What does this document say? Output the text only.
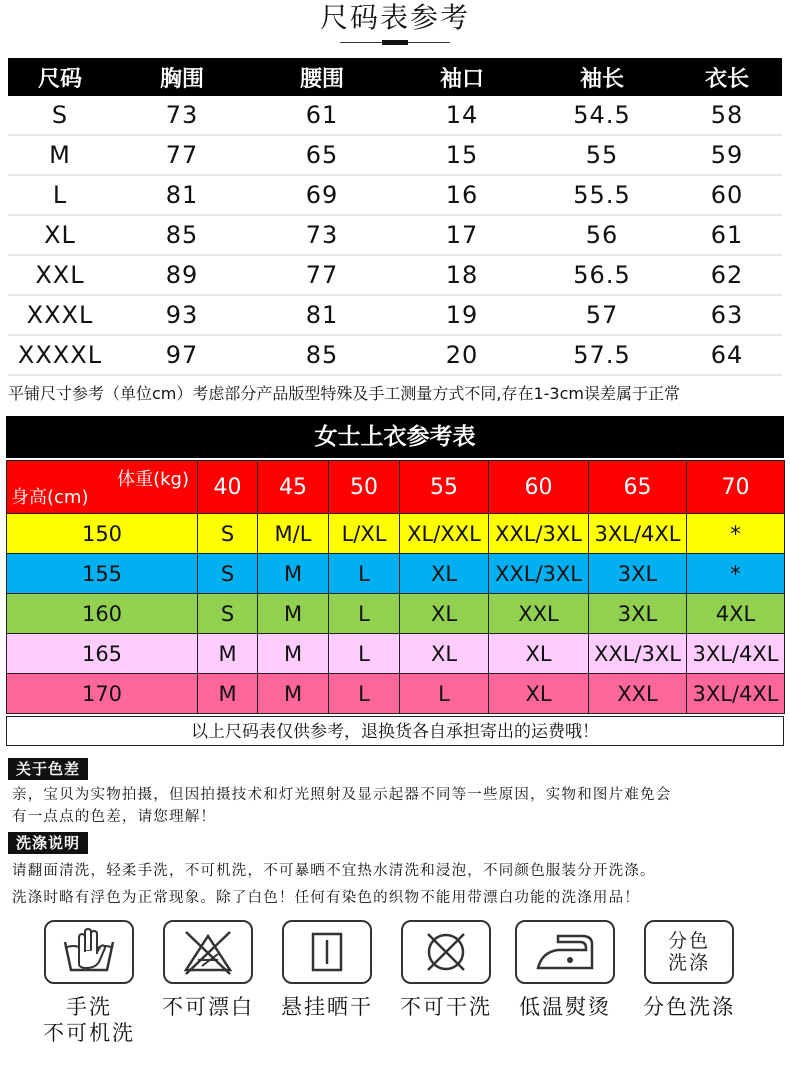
尺码表参考
尺码	胸围	腰围	袖口	袖长	衣长
S	73	61	14	54.5	58
M	77	65	15	55	59
L	81	69	16	55.5	60
XL	85	73	17	56	61
XXL	89	77	18	56.5	62
XXXL	93	81	19	57	63
XXXXL	97	85	20	57.5	64
平铺尺寸参考（单位cm）考虑部分产品版型特殊及手工测量方式不同,存在1-3cm误差属于正常
女士上衣参考表
体重(kg)
身高(cm)	40	45	50	55	60	65	70
150	S	M/L	L/XL	XL/XXL	XXL/3XL	3XL/4XL	*
155	S	M	L	XL	XXL/3XL	3XL	*
160	S	M	L	XL	XXL	3XL	4XL
165	M	M	L	XL	XL	XXL/3XL	3XL/4XL
170	M	M	L	L	XL	XXL	3XL/4XL
以上尺码表仅供参考，退换货各自承担寄出的运费哦！
关于色差
亲，宝贝为实物拍摄，但因拍摄技术和灯光照射及显示起器不同等一些原因，实物和图片难免会
有一点点的色差，请您理解！
洗涤说明
请翻面清洗，轻柔手洗，不可机洗，不可暴晒不宜热水清洗和浸泡，不同颜色服装分开洗涤。
洗涤时略有浮色为正常现象。除了白色！任何有染色的织物不能用带漂白功能的洗涤用品！
手洗
不可机洗
不可漂白	悬挂晒干	不可干洗	低温熨烫
分色
洗涤
分色洗涤
